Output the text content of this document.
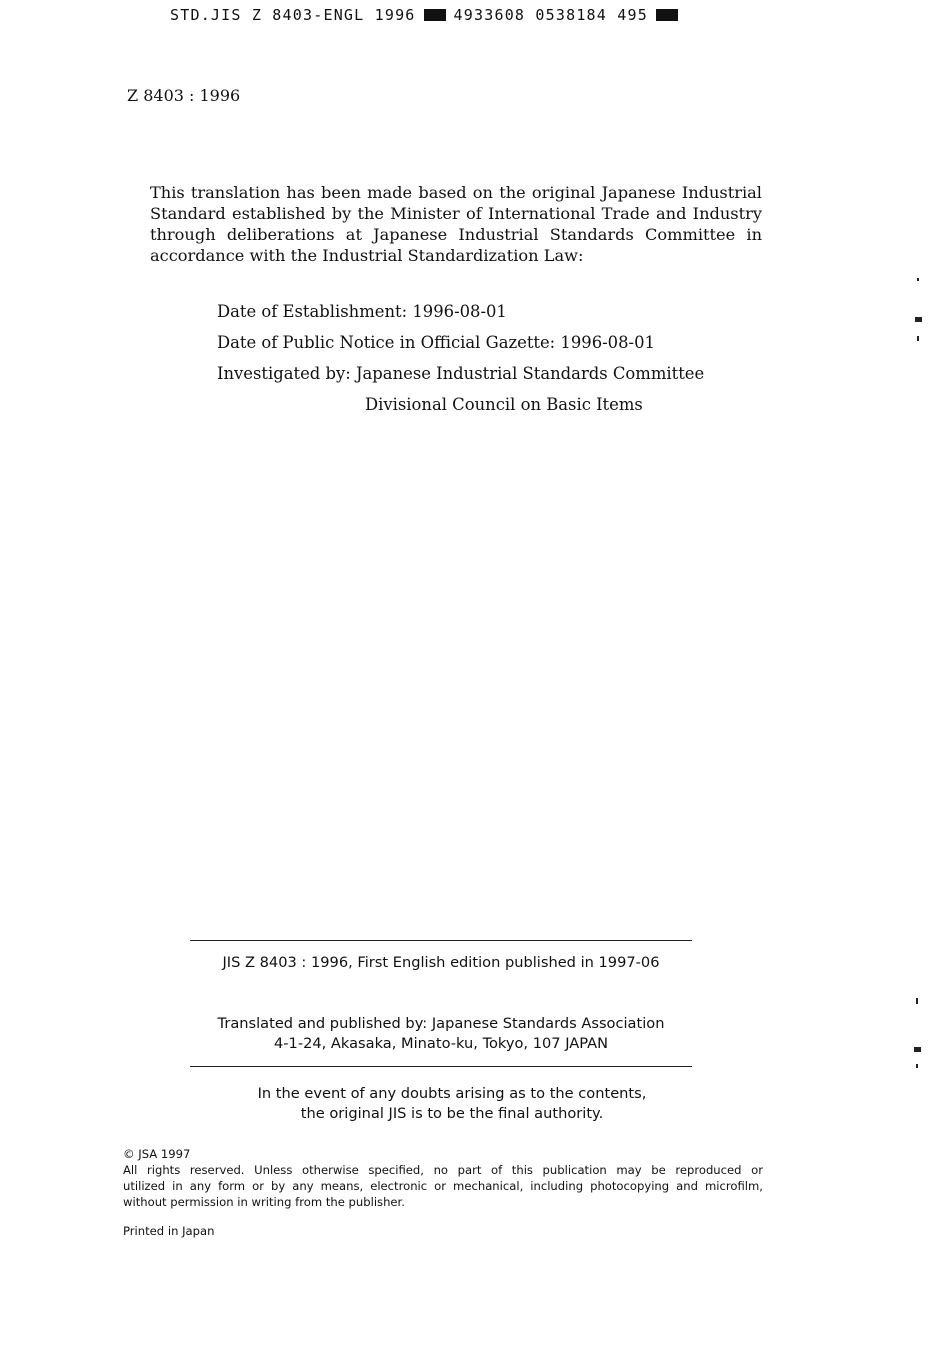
STD.JIS Z 8403-ENGL 1996	4933608 0538184 495
Z 8403 : 1996
This translation has been made based on the original Japanese Industrial
Standard established by the Minister of International Trade and Industry
through deliberations at Japanese Industrial Standards Committee in
accordance with the Industrial Standardization Law:
Date of Establishment: 1996-08-01
Date of Public Notice in Official Gazette: 1996-08-01
Investigated by: Japanese Industrial Standards Committee
Divisional Council on Basic Items
JIS Z 8403 : 1996, First English edition published in 1997-06
Translated and published by: Japanese Standards Association
4-1-24, Akasaka, Minato-ku, Tokyo, 107 JAPAN
In the event of any doubts arising as to the contents,
the original JIS is to be the final authority.
© JSA 1997
All rights reserved. Unless otherwise specified, no part of this publication may be reproduced or
utilized in any form or by any means, electronic or mechanical, including photocopying and microfilm,
without permission in writing from the publisher.
Printed in Japan
